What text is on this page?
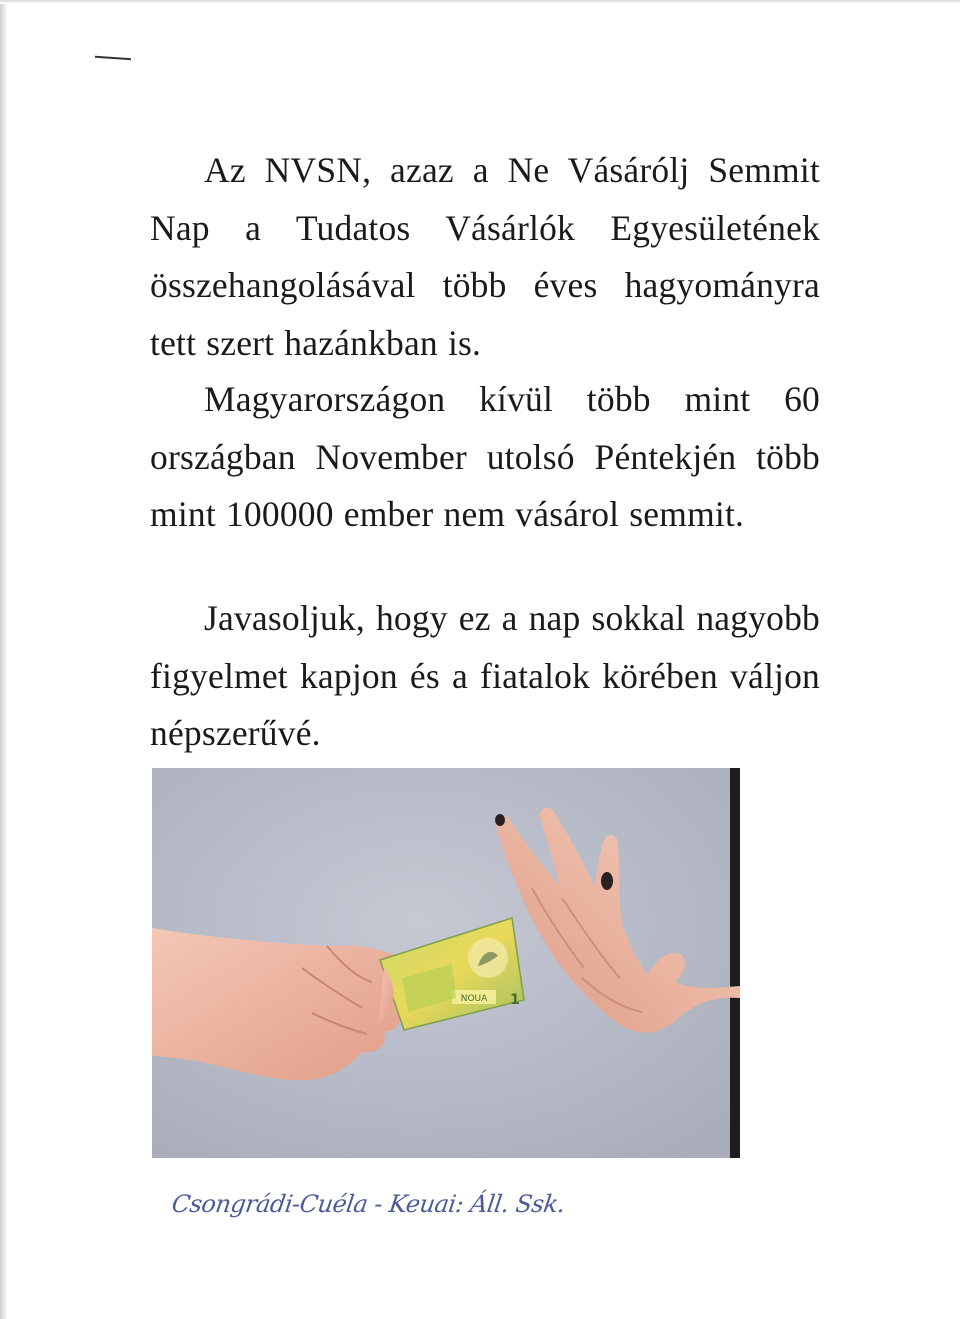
Az NVSN, azaz a Ne Vásárólj Semmit Nap a Tudatos Vásárlók Egyesületének összehangolásával több éves hagyományra tett szert hazánkban is.

Magyarországon kívül több mint 60 országban November utolsó Péntekjén több mint 100000 ember nem vásárol semmit.

Javasoljuk, hogy ez a nap sokkal nagyobb figyelmet kapjon és a fiatalok körében váljon népszerűvé.

NOUA 1
Csongrádi-Cuéla - Keuai: Áll. Ssk.
